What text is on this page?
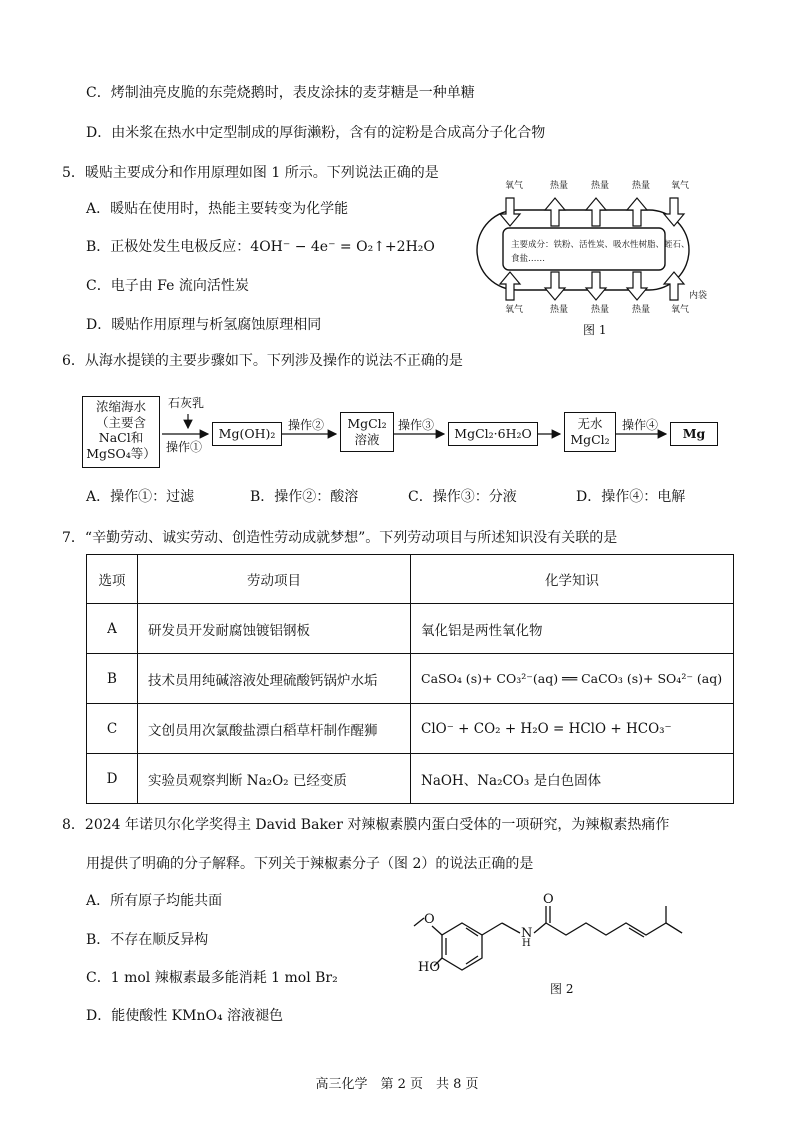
C．烤制油亮皮脆的东莞烧鹅时，表皮涂抹的麦芽糖是一种单糖
D．由米浆在热水中定型制成的厚街濑粉，含有的淀粉是合成高分子化合物
5．暖贴主要成分和作用原理如图 1 所示。下列说法正确的是
A．暖贴在使用时，热能主要转变为化学能
B．正极处发生电极反应：4OH⁻ − 4e⁻ = O₂↑+2H₂O
C．电子由 Fe 流向活性炭
D．暖贴作用原理与析氢腐蚀原理相同
氧气	热量	热量	热量 氧气
主要成分：铁粉、活性炭、吸水性树脂、蛭石、
食盐……
氧气	热量	热量	热量 氧气
内袋
图 1
6．从海水提镁的主要步骤如下。下列涉及操作的说法不正确的是
浓缩海水
（主要含
NaCl和
MgSO₄等）
石灰乳
操作①
Mg(OH)₂
操作②	MgCl₂
溶液
操作③
MgCl₂·6H₂O
无水
MgCl₂
操作④
Mg
A．操作①：过滤	B．操作②：酸溶	C．操作③：分液	D．操作④：电解
7．“辛勤劳动、诚实劳动、创造性劳动成就梦想”。下列劳动项目与所述知识没有关联的是
选项	劳动项目	化学知识
A	研发员开发耐腐蚀镀铝钢板	氧化铝是两性氧化物
B	技术员用纯碱溶液处理硫酸钙锅炉水垢	CaSO₄ (s)+ CO₃²⁻(aq) ══ CaCO₃ (s)+ SO₄²⁻ (aq)
C	文创员用次氯酸盐漂白稻草杆制作醒狮	ClO⁻ + CO₂ + H₂O = HClO + HCO₃⁻
D	实验员观察判断 Na₂O₂ 已经变质	NaOH、Na₂CO₃ 是白色固体
8．2024 年诺贝尔化学奖得主 David Baker 对辣椒素膜内蛋白受体的一项研究，为辣椒素热痛作
用提供了明确的分子解释。下列关于辣椒素分子（图 2）的说法正确的是
A．所有原子均能共面
B．不存在顺反异构
C．1 mol 辣椒素最多能消耗 1 mol Br₂
D．能使酸性 KMnO₄ 溶液褪色
O
O
N
H
HO
图 2
高三化学　第 2 页　共 8 页
